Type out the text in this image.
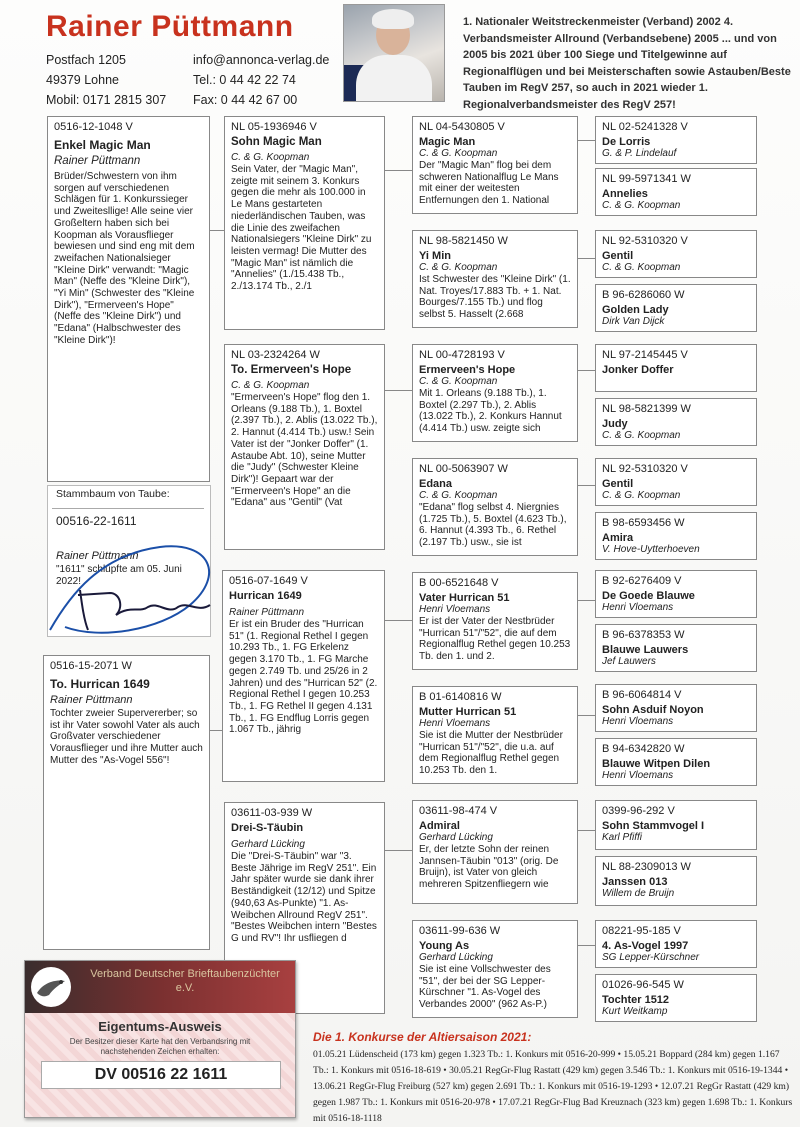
Rainer Püttmann
Postfach 1205
49379 Lohne
Mobil: 0171 2815 307
info@annonca-verlag.de
Tel.: 0 44 42 22 74
Fax: 0 44 42 67 00
1. Nationaler Weitstreckenmeister (Verband) 2002 4. Verbandsmeister Allround (Verbandsebene) 2005 ... und von 2005 bis 2021 über 100 Siege und Titelgewinne auf Regionalflügen und bei Meisterschaften sowie Astauben/Beste Tauben im RegV 257, so auch in 2021 wieder 1. Regionalverbandsmeister des RegV 257!
0516-12-1048 V
Enkel Magic Man
Rainer Püttmann
Brüder/Schwestern von ihm sorgen auf verschiedenen Schlägen für 1. Konkurssieger und Zweitesllige! Alle seine vier Großeltern haben sich bei Koopman als Vorausflieger bewiesen und sind eng mit dem zweifachen Nationalsieger "Kleine Dirk" verwandt: "Magic Man" (Neffe des "Kleine Dirk"), "Yi Min" (Schwester des "Kleine Dirk"), "Ermerveen's Hope" (Neffe des "Kleine Dirk") und "Edana" (Halbschwester des "Kleine Dirk")!
Stammbaum von Taube:
00516-22-1611
Rainer Püttmann
"1611" schlüpfte am 05. Juni 2022!
0516-15-2071 W
To. Hurrican 1649
Rainer Püttmann
Tochter zweier Supervererber; so ist ihr Vater sowohl Vater als auch Großvater verschiedener Vorausflieger und ihre Mutter auch Mutter des "As-Vogel 556"!
NL 05-1936946 V
Sohn Magic Man
C. & G. Koopman
Sein Vater, der "Magic Man", zeigte mit seinem 3. Konkurs gegen die mehr als 100.000 in Le Mans gestarteten niederländischen Tauben, was die Linie des zweifachen Nationalsiegers "Kleine Dirk" zu leisten vermag! Die Mutter des "Magic Man" ist nämlich die "Annelies" (1./15.438 Tb., 2./13.174 Tb., 2./1
NL 03-2324264 W
To. Ermerveen's Hope
C. & G. Koopman
"Ermerveen's Hope" flog den 1. Orleans (9.188 Tb.), 1. Boxtel (2.397 Tb.), 2. Ablis (13.022 Tb.), 2. Hannut (4.414 Tb.) usw.! Sein Vater ist der "Jonker Doffer" (1. Astaube Abt. 10), seine Mutter die "Judy" (Schwester Kleine Dirk")! Gepaart war der "Ermerveen's Hope" an die "Edana" aus "Gentil" (Vat
0516-07-1649 V
Hurrican 1649
Rainer Püttmann
Er ist ein Bruder des "Hurrican 51" (1. Regional Rethel I gegen 10.293 Tb., 1. FG Erkelenz gegen 3.170 Tb., 1. FG Marche gegen 2.749 Tb. und 25/26 in 2 Jahren) und des "Hurrican 52" (2. Regional Rethel I gegen 10.253 Tb., 1. FG Rethel II gegen 4.131 Tb., 1. FG Endflug Lorris gegen 1.067 Tb., jährig
03611-03-939 W
Drei-S-Täubin
Gerhard Lücking
Die "Drei-S-Täubin" war "3. Beste Jährige im RegV 251". Ein Jahr später wurde sie dank ihrer Beständigkeit (12/12) und Spitze (940,63 As-Punkte) "1. As-Weibchen Allround RegV 251". "Bestes Weibchen intern "Bestes G und RV"! Ihr usfliegen d
NL 04-5430805 V
Magic Man
C. & G. Koopman
Der "Magic Man" flog bei dem schweren Nationalflug Le Mans mit einer der weitesten Entfernungen den 1. National
NL 98-5821450 W
Yi Min
C. & G. Koopman
Ist Schwester des "Kleine Dirk" (1. Nat. Troyes/17.883 Tb. + 1. Nat. Bourges/7.155 Tb.) und flog selbst 5. Hasselt (2.668
NL 00-4728193 V
Ermerveen's Hope
C. & G. Koopman
Mit 1. Orleans (9.188 Tb.), 1. Boxtel (2.297 Tb.), 2. Ablis (13.022 Tb.), 2. Konkurs Hannut (4.414 Tb.) usw. zeigte sich
NL 00-5063907 W
Edana
C. & G. Koopman
"Edana" flog selbst 4. Niergnies (1.725 Tb.), 5. Boxtel (4.623 Tb.), 6. Hannut (4.393 Tb., 6. Rethel (2.197 Tb.) usw., sie ist
B 00-6521648 V
Vater Hurrican 51
Henri Vloemans
Er ist der Vater der Nestbrüder "Hurrican 51"/"52", die auf dem Regionalflug Rethel gegen 10.253 Tb. den 1. und 2.
B 01-6140816 W
Mutter Hurrican 51
Henri Vloemans
Sie ist die Mutter der Nestbrüder "Hurrican 51"/"52", die u.a. auf dem Regionalflug Rethel gegen 10.253 Tb. den 1.
03611-98-474 V
Admiral
Gerhard Lücking
Er, der letzte Sohn der reinen Jannsen-Täubin "013" (orig. De Bruijn), ist Vater von gleich mehreren Spitzenfliegern wie
03611-99-636 W
Young As
Gerhard Lücking
Sie ist eine Vollschwester des "51", der bei der SG Lepper-Kürschner "1. As-Vogel des Verbandes 2000" (962 As-P.)
NL 02-5241328 V
De Lorris
G. & P. Lindelauf
NL 99-5971341 W
Annelies
C. & G. Koopman
NL 92-5310320 V
Gentil
C. & G. Koopman
B 96-6286060 W
Golden Lady
Dirk Van Dijck
NL 97-2145445 V
Jonker Doffer
NL 98-5821399 W
Judy
C. & G. Koopman
NL 92-5310320 V
Gentil
C. & G. Koopman
B 98-6593456 W
Amira
V. Hove-Uytterhoeven
B 92-6276409 V
De Goede Blauwe
Henri Vloemans
B 96-6378353 W
Blauwe Lauwers
Jef Lauwers
B 96-6064814 V
Sohn Asduif Noyon
Henri Vloemans
B 94-6342820 W
Blauwe Witpen Dilen
Henri Vloemans
0399-96-292 V
Sohn Stammvogel I
Karl Pfiffi
NL 88-2309013 W
Janssen 013
Willem de Bruijn
08221-95-185 V
4. As-Vogel 1997
SG Lepper-Kürschner
01026-96-545 W
Tochter 1512
Kurt Weitkamp
Verband Deutscher Brieftaubenzüchter e.V.
Eigentums-Ausweis
Der Besitzer dieser Karte hat den Verbandsring mit nachstehenden Zeichen erhalten:
DV 00516 22 1611
Die 1. Konkurse der Altiersaison 2021:
01.05.21 Lüdenscheid (173 km) gegen 1.323 Tb.: 1. Konkurs mit 0516-20-999 • 15.05.21 Boppard (284 km) gegen 1.167 Tb.: 1. Konkurs mit 0516-18-619 • 30.05.21 RegGr-Flug Rastatt (429 km) gegen 3.546 Tb.: 1. Konkurs mit 0516-19-1344 • 13.06.21 RegGr-Flug Freiburg (527 km) gegen 2.691 Tb.: 1. Konkurs mit 0516-19-1293 • 12.07.21 RegGr Rastatt (429 km) gegen 1.987 Tb.: 1. Konkurs mit 0516-20-978 • 17.07.21 RegGr-Flug Bad Kreuznach (323 km) gegen 1.698 Tb.: 1. Konkurs mit 0516-18-1118
